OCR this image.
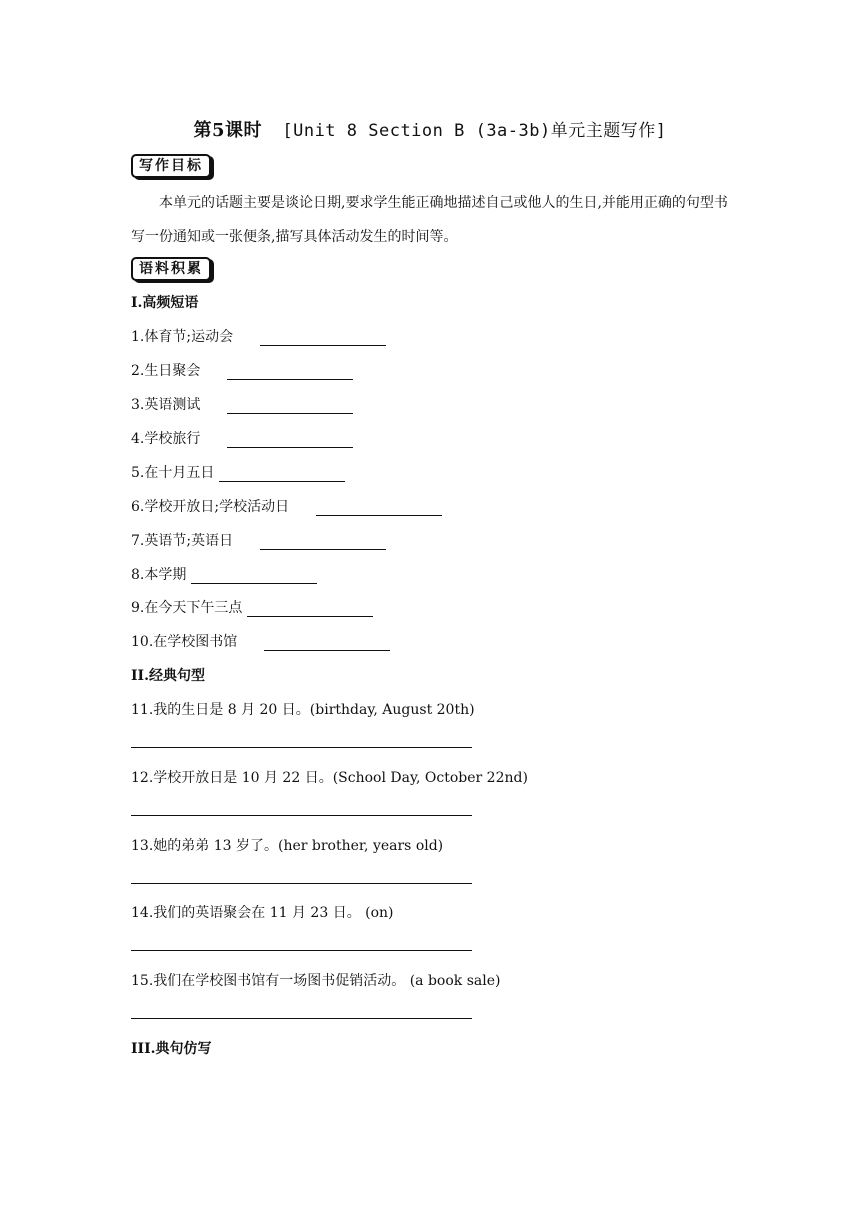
第5课时 [Unit 8 Section B (3a-3b)单元主题写作]
写作目标
本单元的话题主要是谈论日期,要求学生能正确地描述自己或他人的生日,并能用正确的句型书写一份通知或一张便条,描写具体活动发生的时间等。
语料积累
I.高频短语
1.体育节;运动会
2.生日聚会
3.英语测试
4.学校旅行
5.在十月五日
6.学校开放日;学校活动日
7.英语节;英语日
8.本学期
9.在今天下午三点
10.在学校图书馆
II.经典句型
11.我的生日是 8 月 20 日。(birthday, August 20th)
12.学校开放日是 10 月 22 日。(School Day, October 22nd)
13.她的弟弟 13 岁了。(her brother, years old)
14.我们的英语聚会在 11 月 23 日。 (on)
15.我们在学校图书馆有一场图书促销活动。 (a book sale)
III.典句仿写
